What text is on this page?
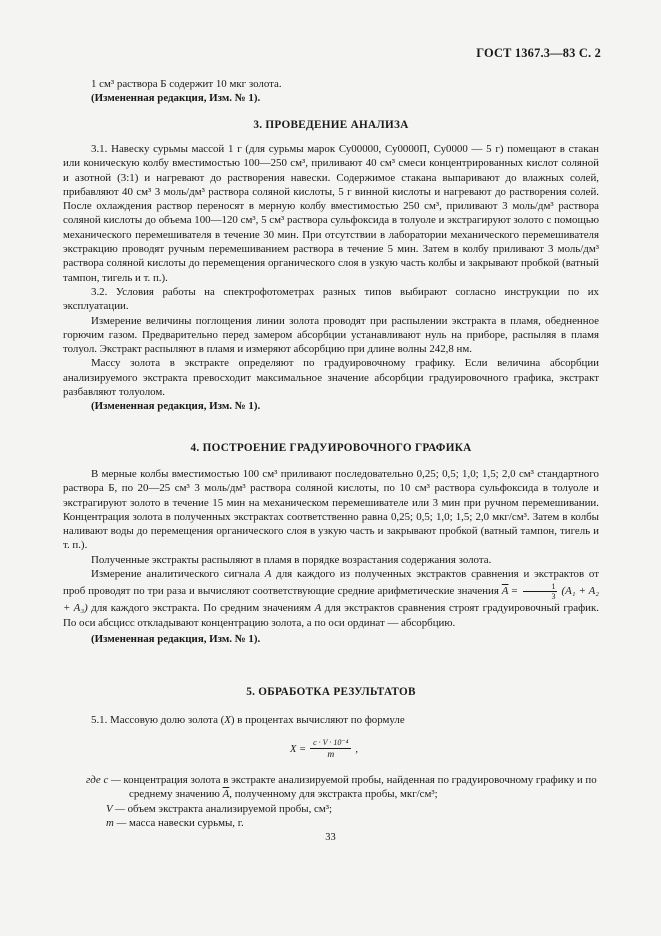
ГОСТ 1367.3—83 С. 2

1 см³ раствора Б содержит 10 мкг золота.

(Измененная редакция, Изм. № 1).

3. ПРОВЕДЕНИЕ АНАЛИЗА

3.1. Навеску сурьмы массой 1 г (для сурьмы марок Су00000, Су0000П, Су0000 — 5 г) помещают в стакан или коническую колбу вместимостью 100—250 см³, приливают 40 см³ смеси концентрированных кислот соляной и азотной (3:1) и нагревают до растворения навески. Содержимое стакана выпаривают до влажных солей, прибавляют 40 см³ 3 моль/дм³ раствора соляной кислоты, 5 г винной кислоты и нагревают до растворения солей. После охлаждения раствор переносят в мерную колбу вместимостью 250 см³, приливают 3 моль/дм³ раствора соляной кислоты до объема 100—120 см³, 5 см³ раствора сульфоксида в толуоле и экстрагируют золото с помощью механического перемешивателя в течение 30 мин. При отсутствии в лаборатории механического перемешивателя экстракцию проводят ручным перемешиванием раствора в течение 5 мин. Затем в колбу приливают 3 моль/дм³ раствора соляной кислоты до перемещения органического слоя в узкую часть колбы и закрывают пробкой (ватный тампон, тигель и т. п.).

3.2. Условия работы на спектрофотометрах разных типов выбирают согласно инструкции по их эксплуатации.

Измерение величины поглощения линии золота проводят при распылении экстракта в пламя, обедненное горючим газом. Предварительно перед замером абсорбции устанавливают нуль на приборе, распыляя в пламя толуол. Экстракт распыляют в пламя и измеряют абсорбцию при длине волны 242,8 нм.

Массу золота в экстракте определяют по градуировочному графику. Если величина абсорбции анализируемого экстракта превосходит максимальное значение абсорбции градуировочного графика, экстракт разбавляют толуолом.

(Измененная редакция, Изм. № 1).

4. ПОСТРОЕНИЕ ГРАДУИРОВОЧНОГО ГРАФИКА

В мерные колбы вместимостью 100 см³ приливают последовательно 0,25; 0,5; 1,0; 1,5; 2,0 см³ стандартного раствора Б, по 20—25 см³ 3 моль/дм³ раствора соляной кислоты, по 10 см³ раствора сульфоксида в толуоле и экстрагируют золото в течение 15 мин на механическом перемешивателе или 3 мин при ручном перемешивании. Концентрация золота в полученных экстрактах соответственно равна 0,25; 0,5; 1,0; 1,5; 2,0 мкг/см³. Затем в колбы наливают воды до перемещения органического слоя в узкую часть и закрывают пробкой (ватный тампон, тигель и т. п.).

Полученные экстракты распыляют в пламя в порядке возрастания содержания золота.

Измерение аналитического сигнала A для каждого из полученных экстрактов сравнения и экстрактов от проб проводят по три раза и вычисляют соответствующие средние арифметические значения $\overline{A} = \frac{1}{3} (A_1 + A_2 + A_3)$ для каждого экстракта. По средним значениям A для экстрактов сравнения строят градуировочный график. По оси абсцисс откладывают концентрацию золота, а по оси ординат — абсорбцию.

(Измененная редакция, Изм. № 1).

5. ОБРАБОТКА РЕЗУЛЬТАТОВ

5.1. Массовую долю золота (X) в процентах вычисляют по формуле

$X = \frac{\text{c · V · 10⁻⁴}}{m}$ ,

где c — концентрация золота в экстракте анализируемой пробы, найденная по градуировочному графику и по среднему значению $\overline{A}$, полученному для экстракта пробы, мкг/см³;

V — объем экстракта анализируемой пробы, см³;

m — масса навески сурьмы, г.

33
